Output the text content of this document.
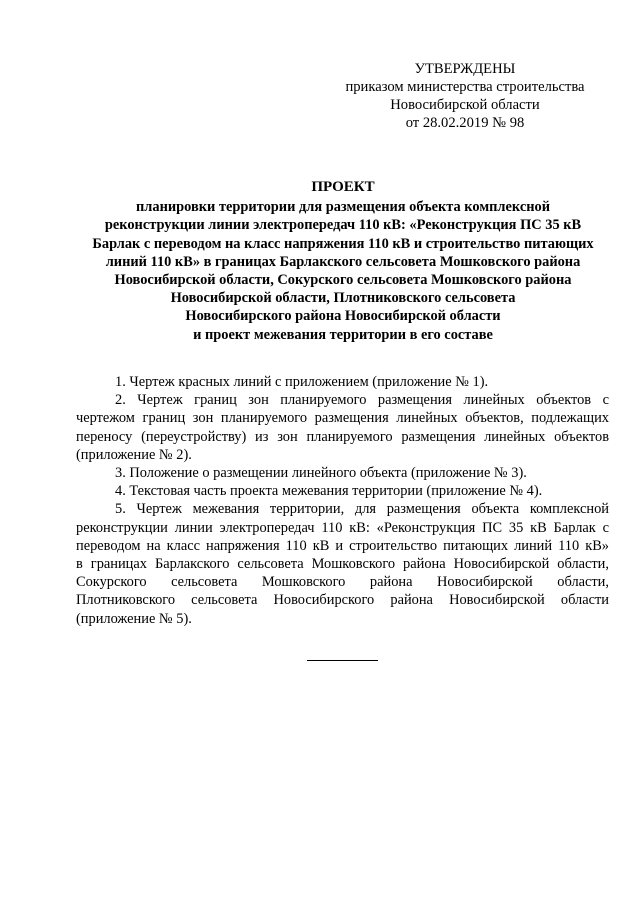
УТВЕРЖДЕНЫ
приказом министерства строительства
Новосибирской области
от 28.02.2019 № 98
ПРОЕКТ
планировки территории для размещения объекта комплексной
реконструкции линии электропередач 110 кВ: «Реконструкция ПС 35 кВ
Барлак с переводом на класс напряжения 110 кВ и строительство питающих
линий 110 кВ» в границах Барлакского сельсовета Мошковского района
Новосибирской области, Сокурского сельсовета Мошковского района
Новосибирской области, Плотниковского сельсовета
Новосибирского района Новосибирской области
и проект межевания территории в его составе
1. Чертеж красных линий с приложением (приложение № 1).
2. Чертеж границ зон планируемого размещения линейных объектов с
чертежом границ зон планируемого размещения линейных объектов, подлежащих
переносу (переустройству) из зон планируемого размещения линейных объектов
(приложение № 2).
3. Положение о размещении линейного объекта (приложение № 3).
4. Текстовая часть проекта межевания территории (приложение № 4).
5. Чертеж межевания территории, для размещения объекта комплексной
реконструкции линии электропередач 110 кВ: «Реконструкция ПС 35 кВ Барлак с
переводом на класс напряжения 110 кВ и строительство питающих линий 110 кВ»
в границах Барлакского сельсовета Мошковского района Новосибирской области,
Сокурского сельсовета Мошковского района Новосибирской области,
Плотниковского сельсовета Новосибирского района Новосибирской области
(приложение № 5).
